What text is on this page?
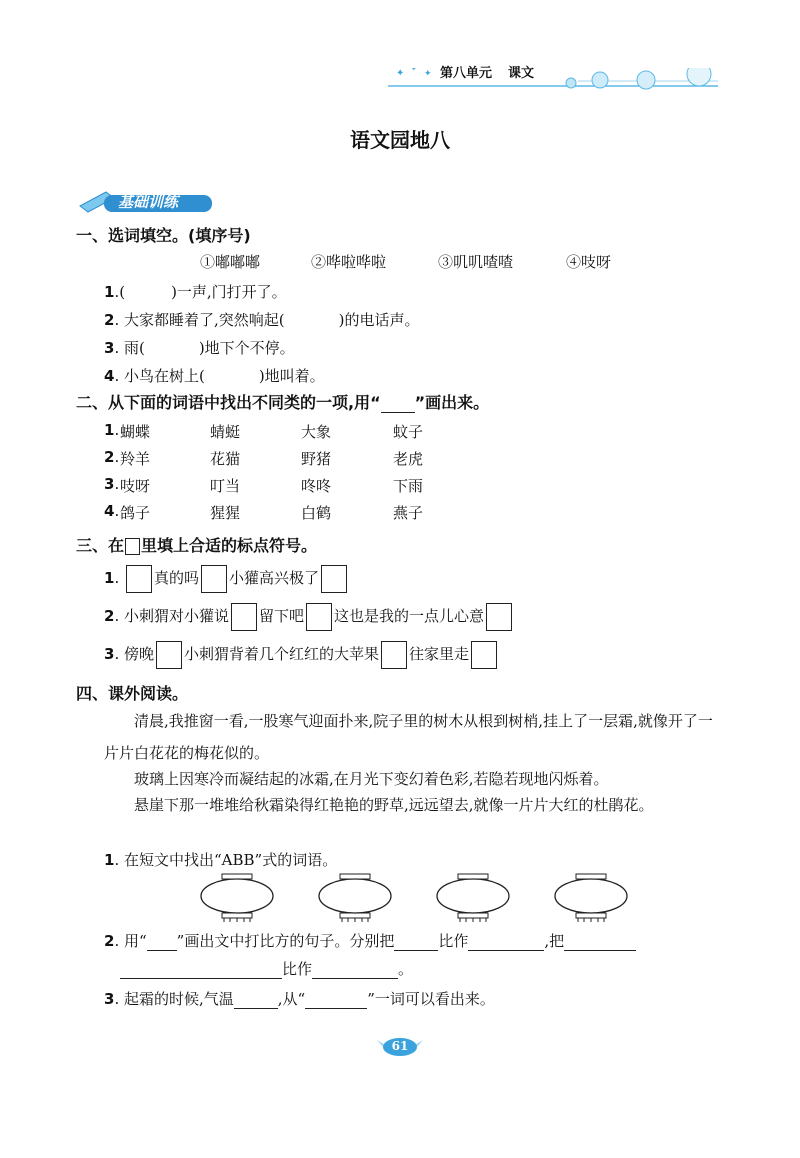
✦ ✦ ✦ 第八单元 课文
语文园地八
基础训练
一、选词填空。(填序号)
①嘟嘟嘟	②哗啦哗啦	③叽叽喳喳	④吱呀
1.(	)一声,门打开了。
2. 大家都睡着了,突然响起(	)的电话声。
3. 雨(	)地下个不停。
4. 小鸟在树上(	)地叫着。
二、从下面的词语中找出不同类的一项,用“ ”画出来。
1. 蝴蝶	蜻蜓	大象	蚊子
2. 羚羊	花猫	野猪	老虎
3. 吱呀	叮当	咚咚	下雨
4. 鸽子	猩猩	白鹤	燕子
三、在 里填上合适的标点符号。
1. 真的吗 小獾高兴极了
2. 小刺猬对小獾说 留下吧 这也是我的一点儿心意
3. 傍晚 小刺猬背着几个红红的大苹果 往家里走
四、课外阅读。
清晨,我推窗一看,一股寒气迎面扑来,院子里的树木从根到树梢,挂上了一层霜,就像开了一片片白花花的梅花似的。
玻璃上因寒冷而凝结起的冰霜,在月光下变幻着色彩,若隐若现地闪烁着。
悬崖下那一堆堆给秋霜染得红艳艳的野草,远远望去,就像一片片大红的杜鹃花。
1. 在短文中找出“ABB”式的词语。
2. 用“ ”画出文中打比方的句子。分别把	比作	,把
比作	。
3. 起霜的时候,气温	,从“	”一词可以看出来。
61
